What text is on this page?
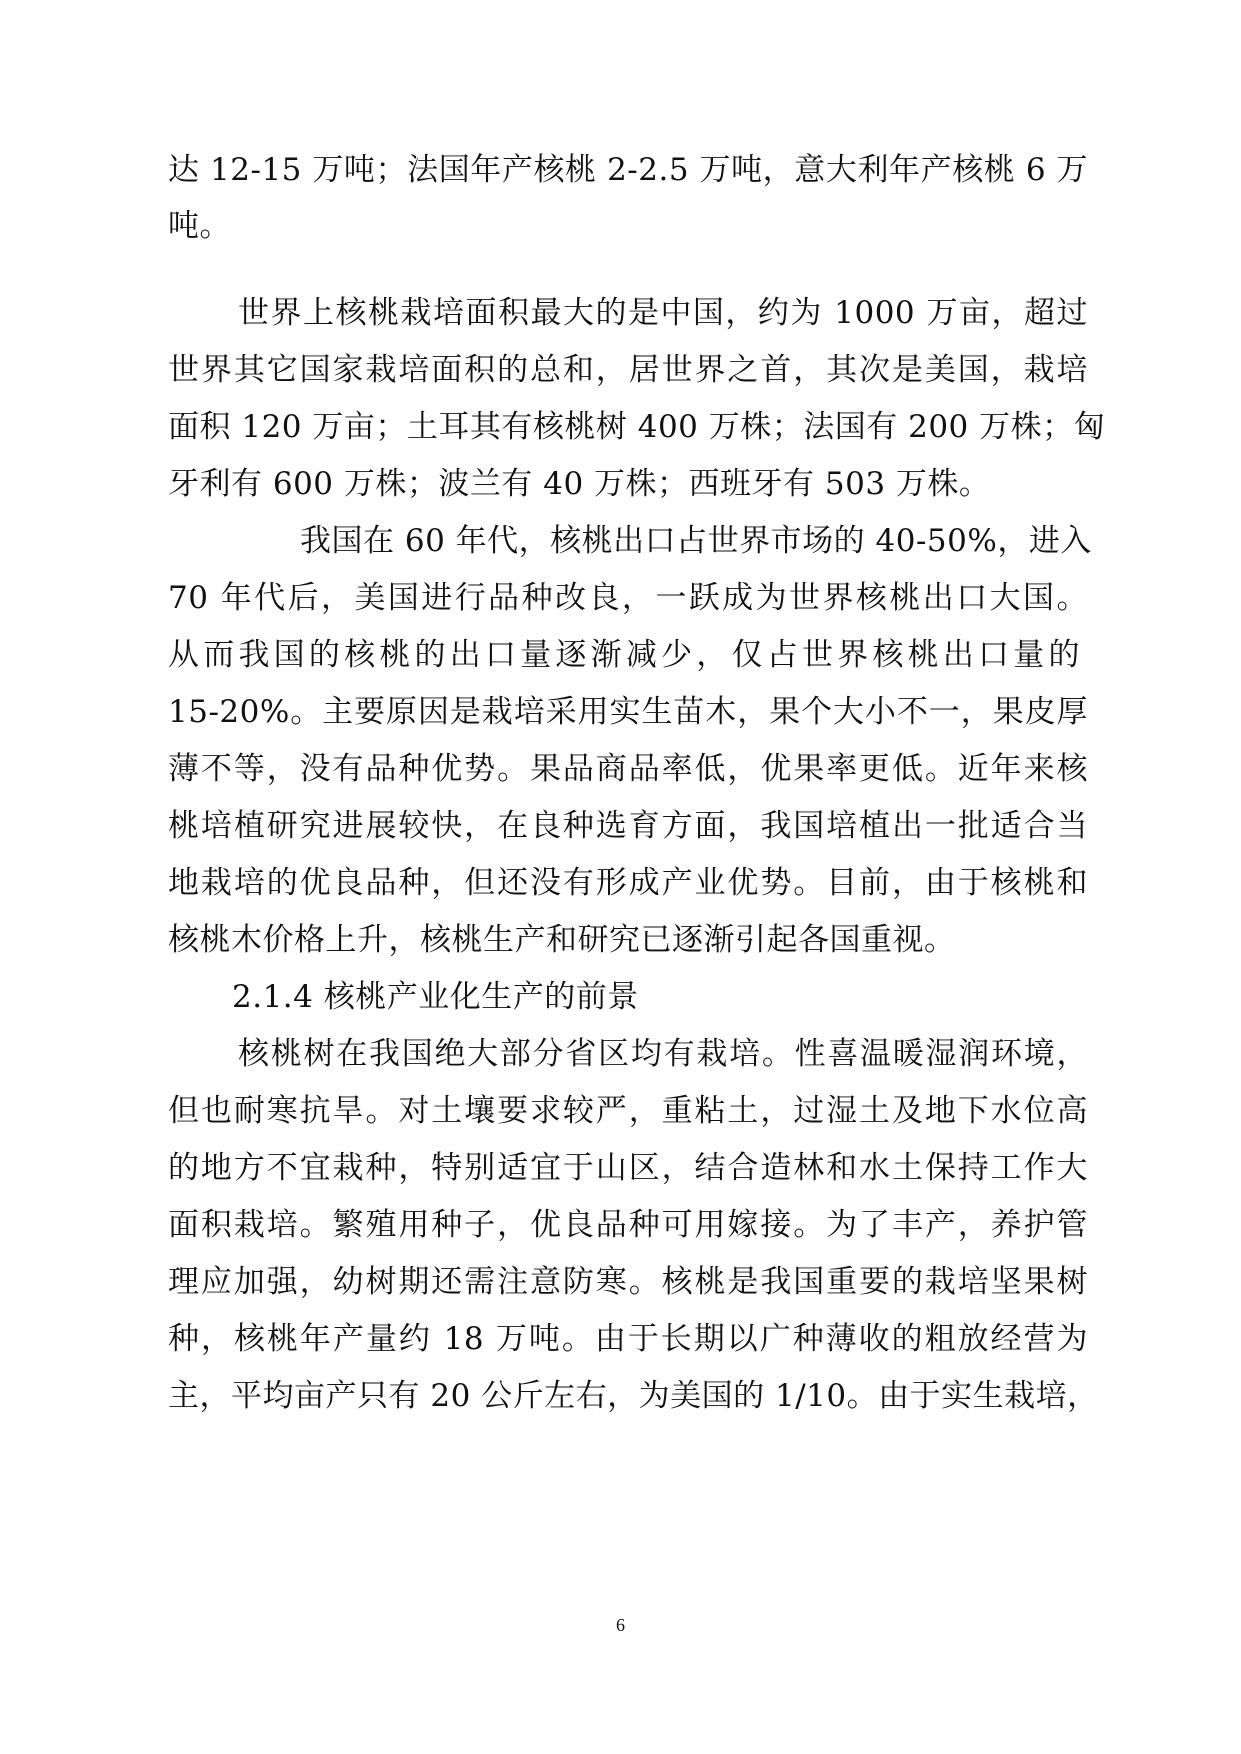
达 12-15 万吨；法国年产核桃 2-2.5 万吨，意大利年产核桃 6 万
吨。
世界上核桃栽培面积最大的是中国，约为 1000 万亩，超过
世界其它国家栽培面积的总和，居世界之首，其次是美国，栽培
面积 120 万亩；土耳其有核桃树 400 万株；法国有 200 万株；匈
牙利有 600 万株；波兰有 40 万株；西班牙有 503 万株。
我国在 60 年代，核桃出口占世界市场的 40-50%，进入
70 年代后，美国进行品种改良，一跃成为世界核桃出口大国。
从而我国的核桃的出口量逐渐减少，仅占世界核桃出口量的
15-20%。主要原因是栽培采用实生苗木，果个大小不一，果皮厚
薄不等，没有品种优势。果品商品率低，优果率更低。近年来核
桃培植研究进展较快，在良种选育方面，我国培植出一批适合当
地栽培的优良品种，但还没有形成产业优势。目前，由于核桃和
核桃木价格上升，核桃生产和研究已逐渐引起各国重视。
2.1.4 核桃产业化生产的前景
核桃树在我国绝大部分省区均有栽培。性喜温暖湿润环境，
但也耐寒抗旱。对土壤要求较严，重粘土，过湿土及地下水位高
的地方不宜栽种，特别适宜于山区，结合造林和水土保持工作大
面积栽培。繁殖用种子，优良品种可用嫁接。为了丰产，养护管
理应加强，幼树期还需注意防寒。核桃是我国重要的栽培坚果树
种，核桃年产量约 18 万吨。由于长期以广种薄收的粗放经营为
主，平均亩产只有 20 公斤左右，为美国的 1/10。由于实生栽培，
6
